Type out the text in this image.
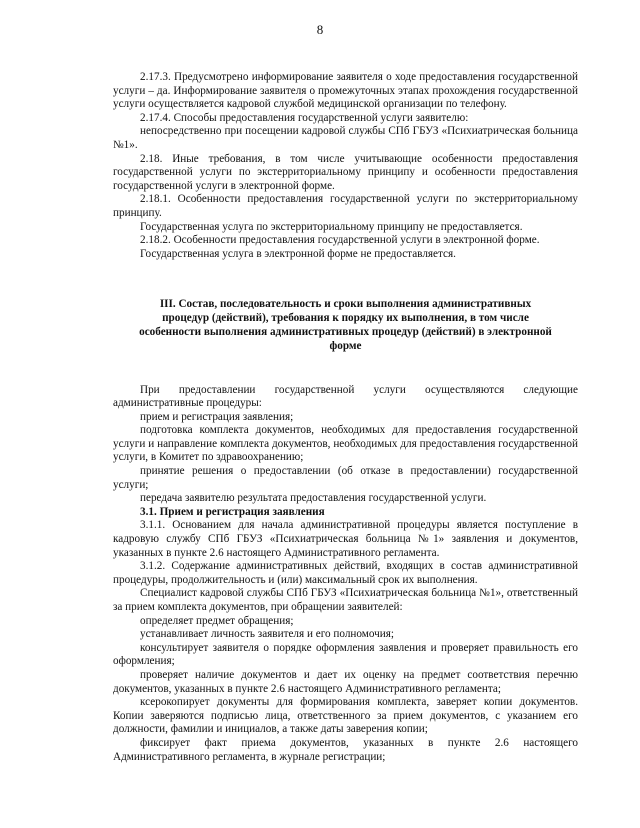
8

2.17.3. Предусмотрено информирование заявителя о ходе предоставления государственной услуги – да. Информирование заявителя о промежуточных этапах прохождения государственной услуги осуществляется кадровой службой медицинской организации по телефону.

2.17.4. Способы предоставления государственной услуги заявителю:

непосредственно при посещении кадровой службы СПб ГБУЗ «Психиатрическая больница №1».

2.18. Иные требования, в том числе учитывающие особенности предоставления государственной услуги по экстерриториальному принципу и особенности предоставления государственной услуги в электронной форме.

2.18.1. Особенности предоставления государственной услуги по экстерриториальному принципу.

Государственная услуга по экстерриториальному принципу не предоставляется.

2.18.2. Особенности предоставления государственной услуги в электронной форме.

Государственная услуга в электронной форме не предоставляется.

III. Состав, последовательность и сроки выполнения административных процедур (действий), требования к порядку их выполнения, в том числе особенности выполнения административных процедур (действий) в электронной форме

При предоставлении государственной услуги осуществляются следующие административные процедуры:

прием и регистрация заявления;

подготовка комплекта документов, необходимых для предоставления государственной услуги и направление комплекта документов, необходимых для предоставления государственной услуги, в Комитет по здравоохранению;

принятие решения о предоставлении (об отказе в предоставлении) государственной услуги;

передача заявителю результата предоставления государственной услуги.

3.1. Прием и регистрация заявления

3.1.1. Основанием для начала административной процедуры является поступление в кадровую службу СПб ГБУЗ «Психиатрическая больница №1» заявления и документов, указанных в пункте 2.6 настоящего Административного регламента.

3.1.2. Содержание административных действий, входящих в состав административной процедуры, продолжительность и (или) максимальный срок их выполнения.

Специалист кадровой службы СПб ГБУЗ «Психиатрическая больница №1», ответственный за прием комплекта документов, при обращении заявителей:

определяет предмет обращения;

устанавливает личность заявителя и его полномочия;

консультирует заявителя о порядке оформления заявления и проверяет правильность его оформления;

проверяет наличие документов и дает их оценку на предмет соответствия перечню документов, указанных в пункте 2.6 настоящего Административного регламента;

ксерокопирует документы для формирования комплекта, заверяет копии документов. Копии заверяются подписью лица, ответственного за прием документов, с указанием его должности, фамилии и инициалов, а также даты заверения копии;

фиксирует факт приема документов, указанных в пункте 2.6 настоящего Административного регламента, в журнале регистрации;
